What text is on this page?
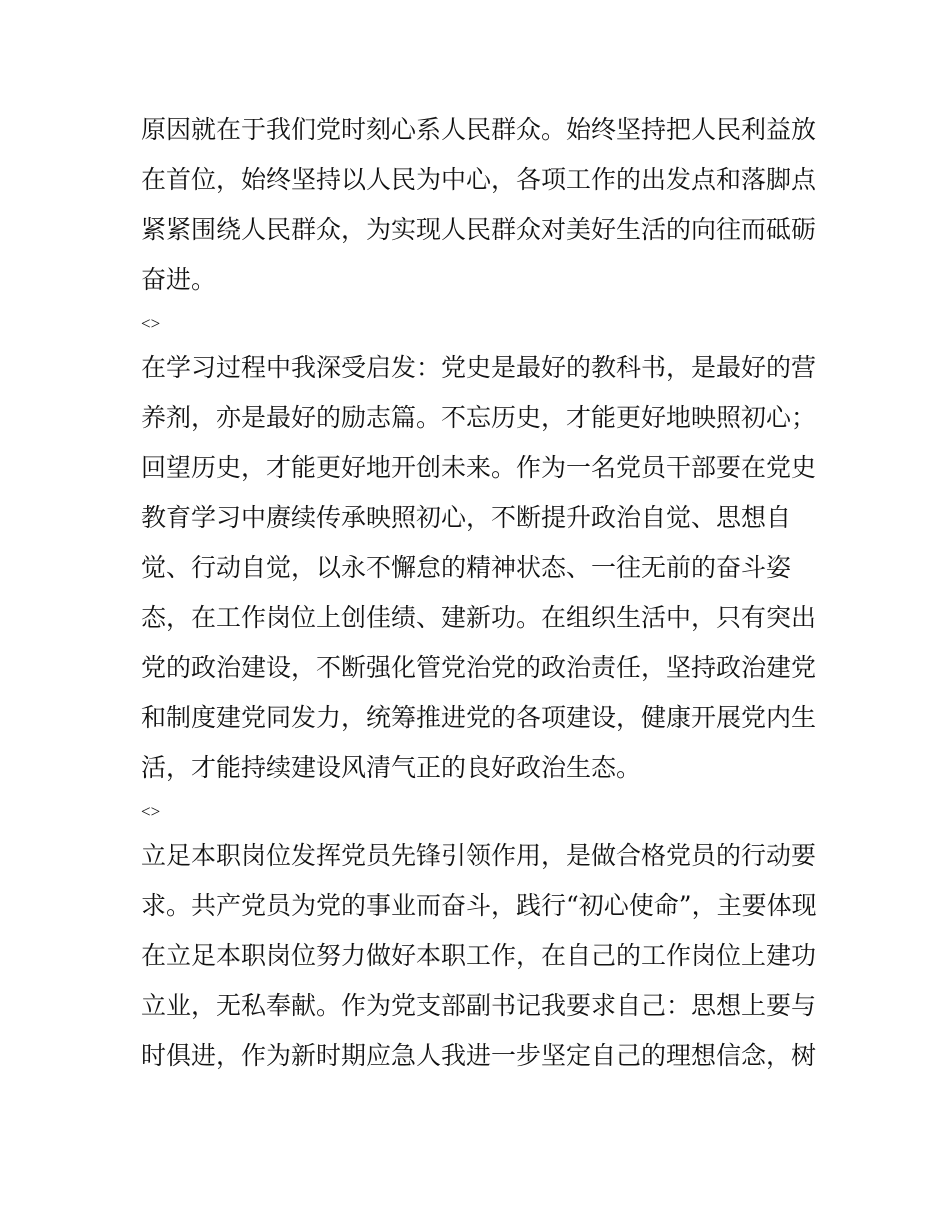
原因就在于我们党时刻心系人民群众。始终坚持把人民利益放
在首位，始终坚持以人民为中心，各项工作的出发点和落脚点
紧紧围绕人民群众，为实现人民群众对美好生活的向往而砥砺
奋进。
<>
在学习过程中我深受启发：党史是最好的教科书，是最好的营
养剂，亦是最好的励志篇。不忘历史，才能更好地映照初心；
回望历史，才能更好地开创未来。作为一名党员干部要在党史
教育学习中赓续传承映照初心，不断提升政治自觉、思想自
觉、行动自觉，以永不懈怠的精神状态、一往无前的奋斗姿
态，在工作岗位上创佳绩、建新功。在组织生活中，只有突出
党的政治建设，不断强化管党治党的政治责任，坚持政治建党
和制度建党同发力，统筹推进党的各项建设，健康开展党内生
活，才能持续建设风清气正的良好政治生态。
<>
立足本职岗位发挥党员先锋引领作用，是做合格党员的行动要
求。共产党员为党的事业而奋斗，践行“初心使命”，主要体现
在立足本职岗位努力做好本职工作，在自己的工作岗位上建功
立业，无私奉献。作为党支部副书记我要求自己：思想上要与
时俱进，作为新时期应急人我进一步坚定自己的理想信念，树
